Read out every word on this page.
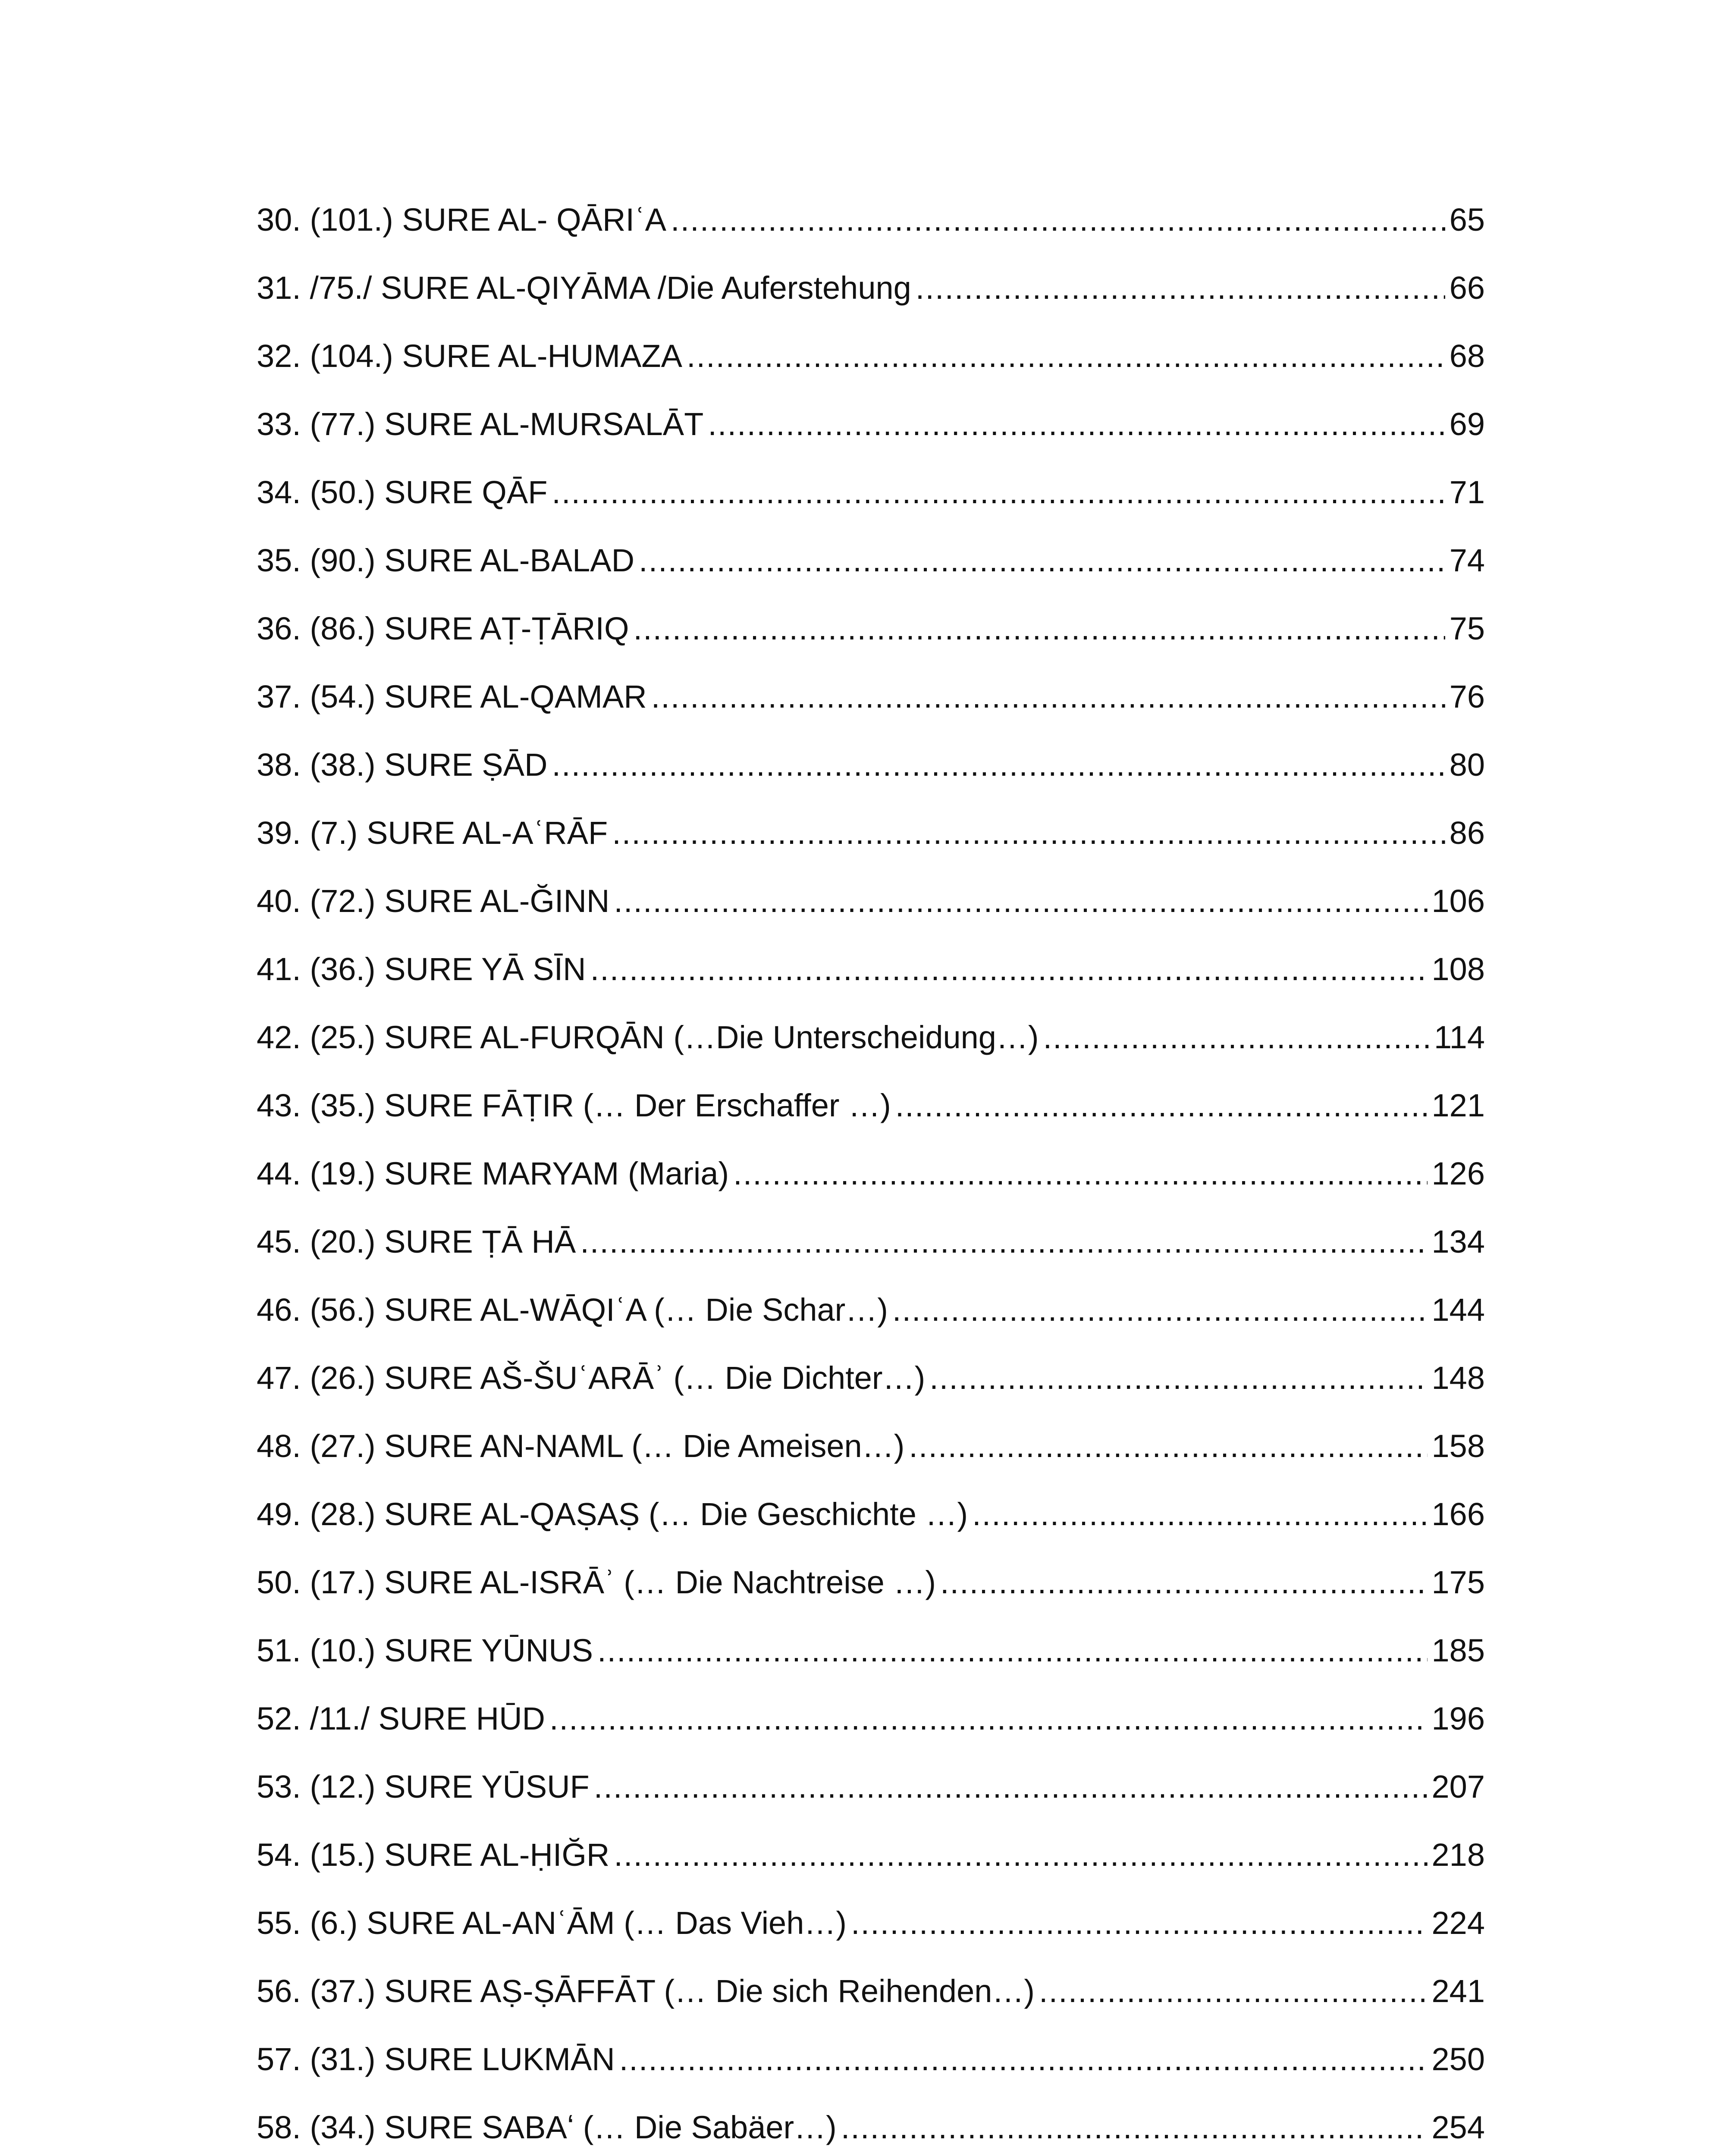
30. (101.) SURE AL- QĀRIʿA .....	65
31. /75./ SURE AL-QIYĀMA /Die Auferstehung .....	66
32. (104.) SURE AL-HUMAZA .....	68
33. (77.) SURE AL-MURSALĀT .....	69
34. (50.) SURE QĀF .....	71
35. (90.) SURE AL-BALAD .....	74
36. (86.) SURE AṬ-ṬĀRIQ .....	75
37. (54.) SURE AL-QAMAR .....	76
38. (38.) SURE ṢĀD .....	80
39. (7.) SURE AL-AʿRĀF .....	86
40. (72.) SURE AL-ĞINN .....	106
41. (36.) SURE YĀ SĪN .....	108
42. (25.) SURE AL-FURQĀN (…Die Unterscheidung…) .....	114
43. (35.) SURE FĀṬIR (… Der Erschaffer …) .....	121
44. (19.) SURE MARYAM (Maria) .....	126
45. (20.) SURE ṬĀ HĀ .....	134
46. (56.) SURE AL-WĀQIʿA (… Die Schar…) .....	144
47. (26.) SURE AŠ-ŠUʿARĀʾ (… Die Dichter…) .....	148
48. (27.) SURE AN-NAML (… Die Ameisen…) .....	158
49. (28.) SURE AL-QAṢAṢ (… Die Geschichte …) .....	166
50. (17.) SURE AL-ISRĀʾ (… Die Nachtreise …) .....	175
51. (10.) SURE YŪNUS .....	185
52. /11./ SURE HŪD .....	196
53. (12.) SURE YŪSUF .....	207
54. (15.) SURE AL-ḤIĞR .....	218
55. (6.) SURE AL-ANʿĀM (… Das Vieh…) .....	224
56. (37.) SURE AṢ-ṢĀFFĀT (… Die sich Reihenden…) .....	241
57. (31.) SURE LUKMĀN .....	250
58. (34.) SURE SABAʻ (… Die Sabäer…) .....	254
